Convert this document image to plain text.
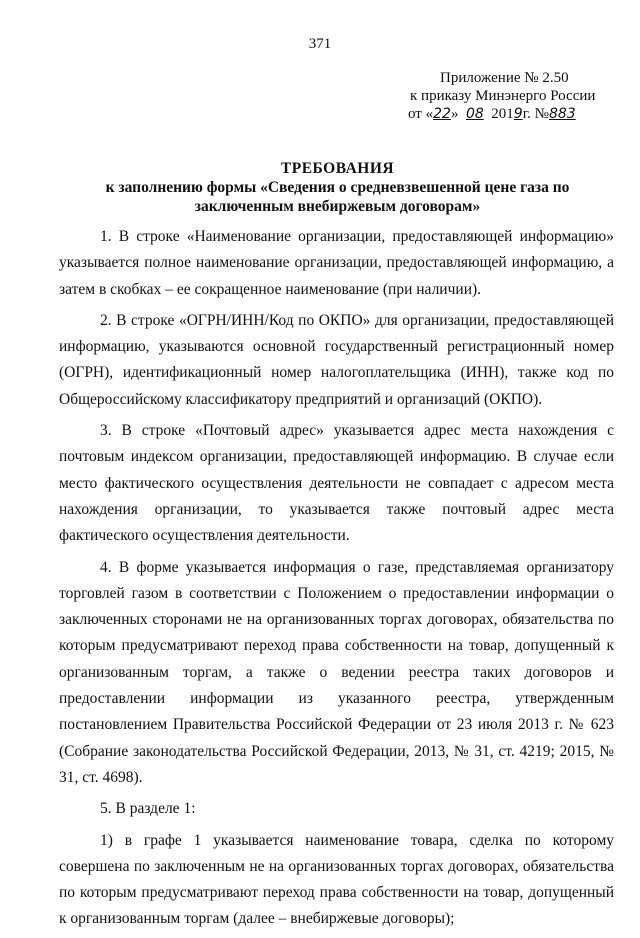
371
Приложение № 2.50
к приказу Минэнерго России
от «22» 08 2019г. №883
ТРЕБОВАНИЯ
к заполнению формы «Сведения о средневзвешенной цене газа по заключенным внебиржевым договорам»

1. В строке «Наименование организации, предоставляющей информацию» указывается полное наименование организации, предоставляющей информацию, а затем в скобках – ее сокращенное наименование (при наличии).

2. В строке «ОГРН/ИНН/Код по ОКПО» для организации, предоставляющей информацию, указываются основной государственный регистрационный номер (ОГРН), идентификационный номер налогоплательщика (ИНН), также код по Общероссийскому классификатору предприятий и организаций (ОКПО).

3. В строке «Почтовый адрес» указывается адрес места нахождения с почтовым индексом организации, предоставляющей информацию. В случае если место фактического осуществления деятельности не совпадает с адресом места нахождения организации, то указывается также почтовый адрес места фактического осуществления деятельности.

4. В форме указывается информация о газе, представляемая организатору торговлей газом в соответствии с Положением о предоставлении информации о заключенных сторонами не на организованных торгах договорах, обязательства по которым предусматривают переход права собственности на товар, допущенный к организованным торгам, а также о ведении реестра таких договоров и предоставлении информации из указанного реестра, утвержденным постановлением Правительства Российской Федерации от 23 июля 2013 г. № 623 (Собрание законодательства Российской Федерации, 2013, № 31, ст. 4219; 2015, № 31, ст. 4698).

5. В разделе 1:

1) в графе 1 указывается наименование товара, сделка по которому совершена по заключенным не на организованных торгах договорах, обязательства по которым предусматривают переход права собственности на товар, допущенный к организованным торгам (далее – внебиржевые договоры);
